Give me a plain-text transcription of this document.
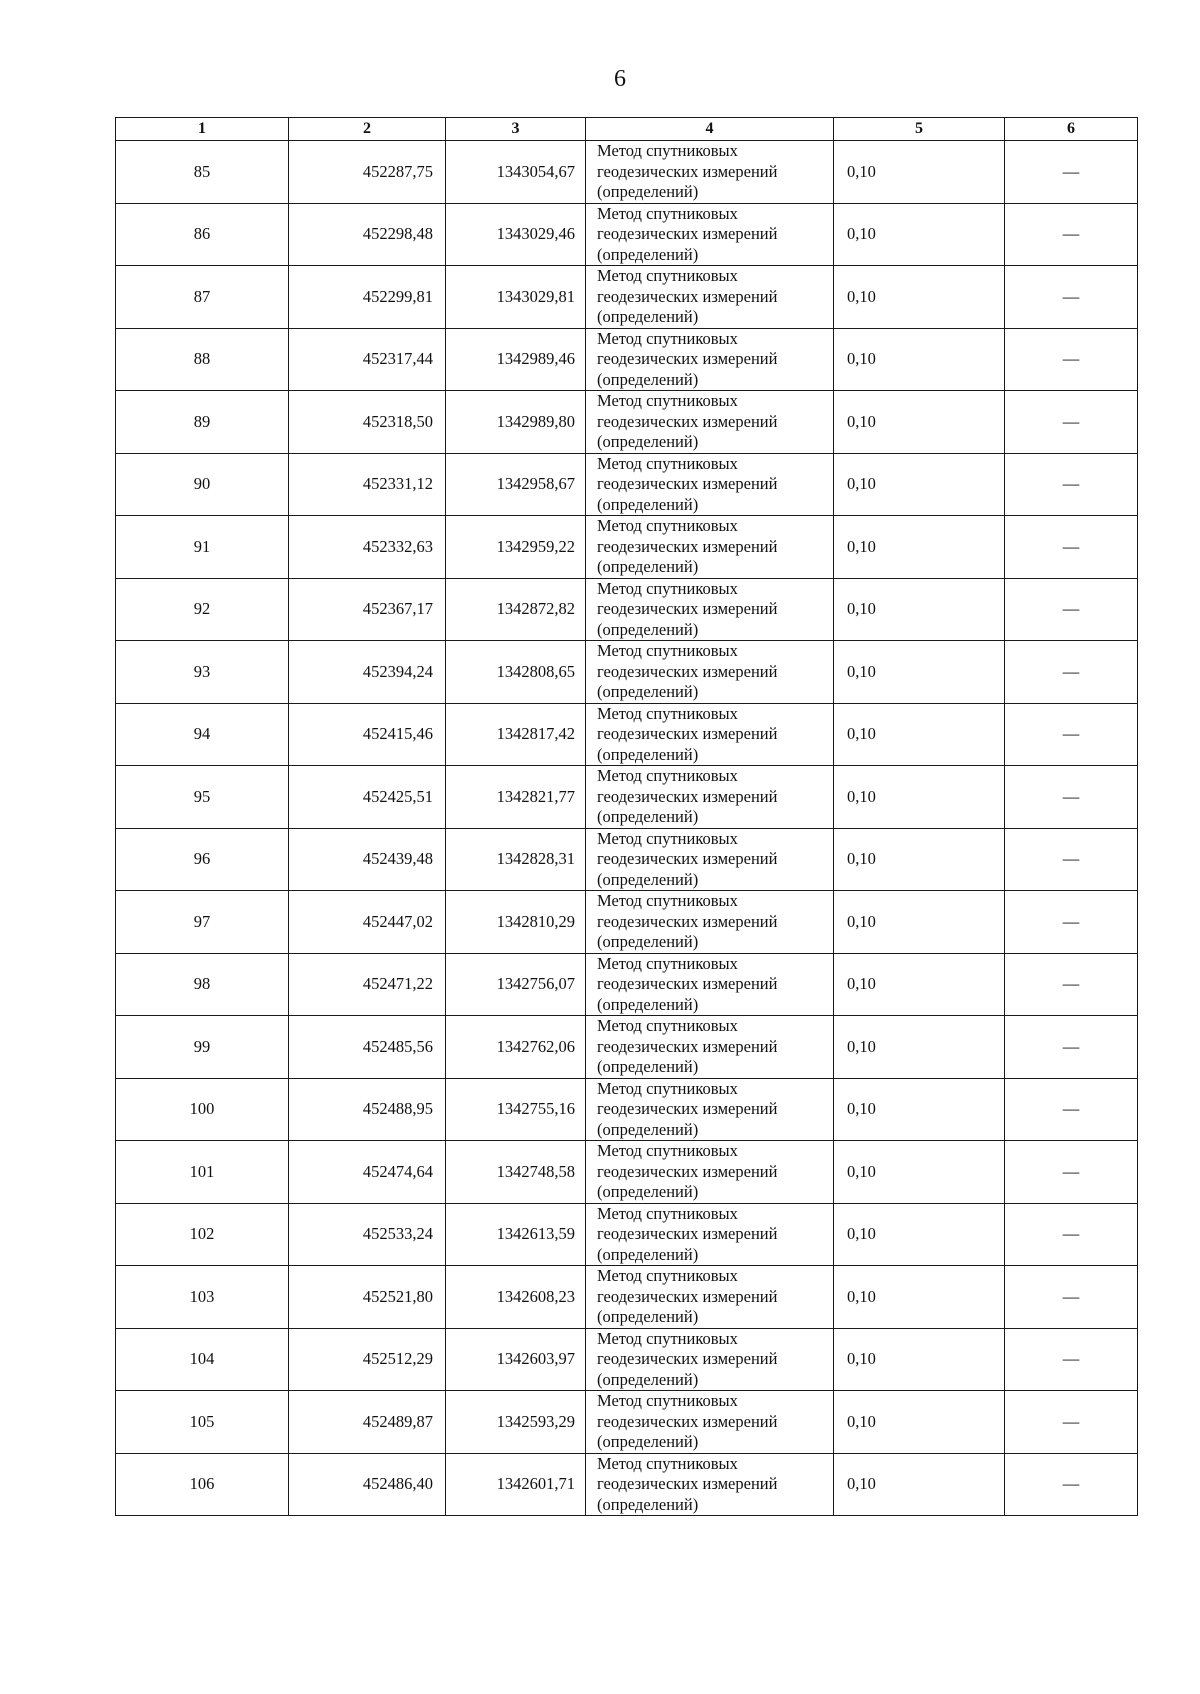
6
1	2	3	4	5	6
85	452287,75	1343054,67	Метод спутниковых
геодезических измерений
(определений)	0,10	—
86	452298,48	1343029,46	Метод спутниковых
геодезических измерений
(определений)	0,10	—
87	452299,81	1343029,81	Метод спутниковых
геодезических измерений
(определений)	0,10	—
88	452317,44	1342989,46	Метод спутниковых
геодезических измерений
(определений)	0,10	—
89	452318,50	1342989,80	Метод спутниковых
геодезических измерений
(определений)	0,10	—
90	452331,12	1342958,67	Метод спутниковых
геодезических измерений
(определений)	0,10	—
91	452332,63	1342959,22	Метод спутниковых
геодезических измерений
(определений)	0,10	—
92	452367,17	1342872,82	Метод спутниковых
геодезических измерений
(определений)	0,10	—
93	452394,24	1342808,65	Метод спутниковых
геодезических измерений
(определений)	0,10	—
94	452415,46	1342817,42	Метод спутниковых
геодезических измерений
(определений)	0,10	—
95	452425,51	1342821,77	Метод спутниковых
геодезических измерений
(определений)	0,10	—
96	452439,48	1342828,31	Метод спутниковых
геодезических измерений
(определений)	0,10	—
97	452447,02	1342810,29	Метод спутниковых
геодезических измерений
(определений)	0,10	—
98	452471,22	1342756,07	Метод спутниковых
геодезических измерений
(определений)	0,10	—
99	452485,56	1342762,06	Метод спутниковых
геодезических измерений
(определений)	0,10	—
100	452488,95	1342755,16	Метод спутниковых
геодезических измерений
(определений)	0,10	—
101	452474,64	1342748,58	Метод спутниковых
геодезических измерений
(определений)	0,10	—
102	452533,24	1342613,59	Метод спутниковых
геодезических измерений
(определений)	0,10	—
103	452521,80	1342608,23	Метод спутниковых
геодезических измерений
(определений)	0,10	—
104	452512,29	1342603,97	Метод спутниковых
геодезических измерений
(определений)	0,10	—
105	452489,87	1342593,29	Метод спутниковых
геодезических измерений
(определений)	0,10	—
106	452486,40	1342601,71	Метод спутниковых
геодезических измерений
(определений)	0,10	—
